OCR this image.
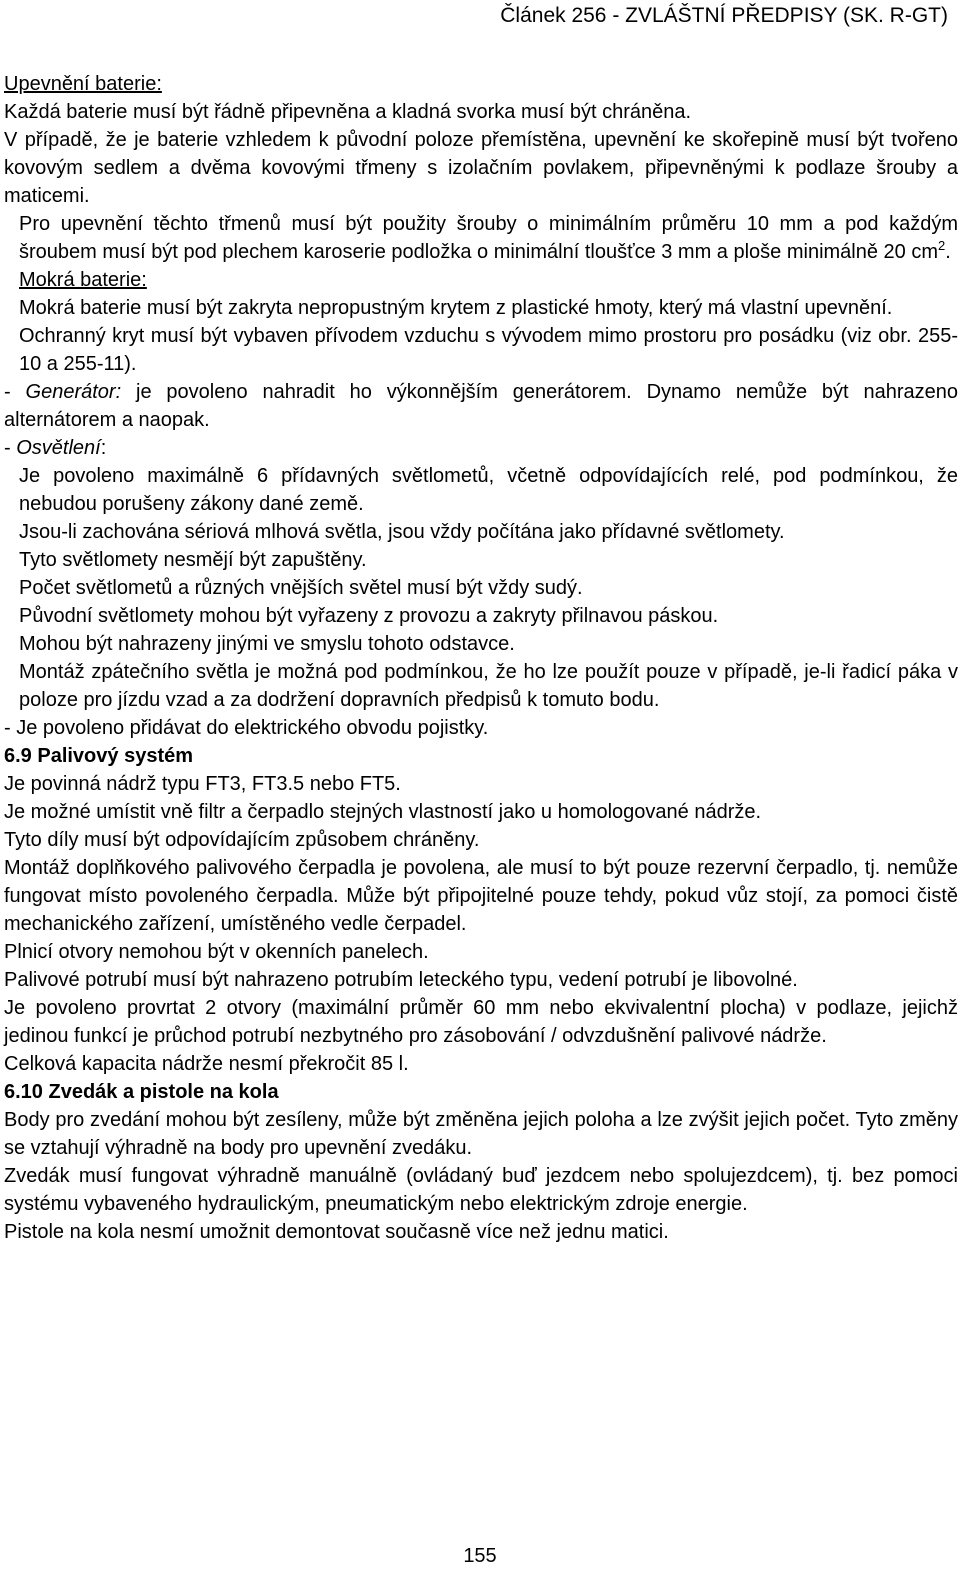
Článek 256 - ZVLÁŠTNÍ PŘEDPISY (SK. R-GT)

Upevnění baterie:

Každá baterie musí být řádně připevněna a kladná svorka musí být chráněna.

V případě, že je baterie vzhledem k původní poloze přemístěna, upevnění ke skořepině musí být tvořeno kovovým sedlem a dvěma kovovými třmeny s izolačním povlakem, připevněnými k podlaze šrouby a maticemi.

Pro upevnění těchto třmenů musí být použity šrouby o minimálním průměru 10 mm a pod každým šroubem musí být pod plechem karoserie podložka o minimální tloušťce 3 mm a ploše minimálně 20 $cm^2$.

Mokrá baterie:

Mokrá baterie musí být zakryta nepropustným krytem z plastické hmoty, který má vlastní upevnění.

Ochranný kryt musí být vybaven přívodem vzduchu s vývodem mimo prostoru pro posádku (viz obr. 255-10 a 255-11).

- Generátor: je povoleno nahradit ho výkonnějším generátorem. Dynamo nemůže být nahrazeno alternátorem a naopak.

- Osvětlení:

Je povoleno maximálně 6 přídavných světlometů, včetně odpovídajících relé, pod podmínkou, že nebudou porušeny zákony dané země.

Jsou-li zachována sériová mlhová světla, jsou vždy počítána jako přídavné světlomety.

Tyto světlomety nesmějí být zapuštěny.

Počet světlometů a různých vnějších světel musí být vždy sudý.

Původní světlomety mohou být vyřazeny z provozu a zakryty přilnavou páskou.

Mohou být nahrazeny jinými ve smyslu tohoto odstavce.

Montáž zpátečního světla je možná pod podmínkou, že ho lze použít pouze v případě, je-li řadicí páka v poloze pro jízdu vzad a za dodržení dopravních předpisů k tomuto bodu.

- Je povoleno přidávat do elektrického obvodu pojistky.

6.9 Palivový systém

Je povinná nádrž typu FT3, FT3.5 nebo FT5.

Je možné umístit vně filtr a čerpadlo stejných vlastností jako u homologované nádrže.

Tyto díly musí být odpovídajícím způsobem chráněny.

Montáž doplňkového palivového čerpadla je povolena, ale musí to být pouze rezervní čerpadlo, tj. nemůže fungovat místo povoleného čerpadla. Může být připojitelné pouze tehdy, pokud vůz stojí, za pomoci čistě mechanického zařízení, umístěného vedle čerpadel.

Plnicí otvory nemohou být v okenních panelech.

Palivové potrubí musí být nahrazeno potrubím leteckého typu, vedení potrubí je libovolné.

Je povoleno provrtat 2 otvory (maximální průměr 60 mm nebo ekvivalentní plocha) v podlaze, jejichž jedinou funkcí je průchod potrubí nezbytného pro zásobování / odvzdušnění palivové nádrže.

Celková kapacita nádrže nesmí překročit 85 l.

6.10 Zvedák a pistole na kola

Body pro zvedání mohou být zesíleny, může být změněna jejich poloha a lze zvýšit jejich počet. Tyto změny se vztahují výhradně na body pro upevnění zvedáku.

Zvedák musí fungovat výhradně manuálně (ovládaný buď jezdcem nebo spolujezdcem), tj. bez pomoci systému vybaveného hydraulickým, pneumatickým nebo elektrickým zdroje energie.

Pistole na kola nesmí umožnit demontovat současně více než jednu matici.

155
